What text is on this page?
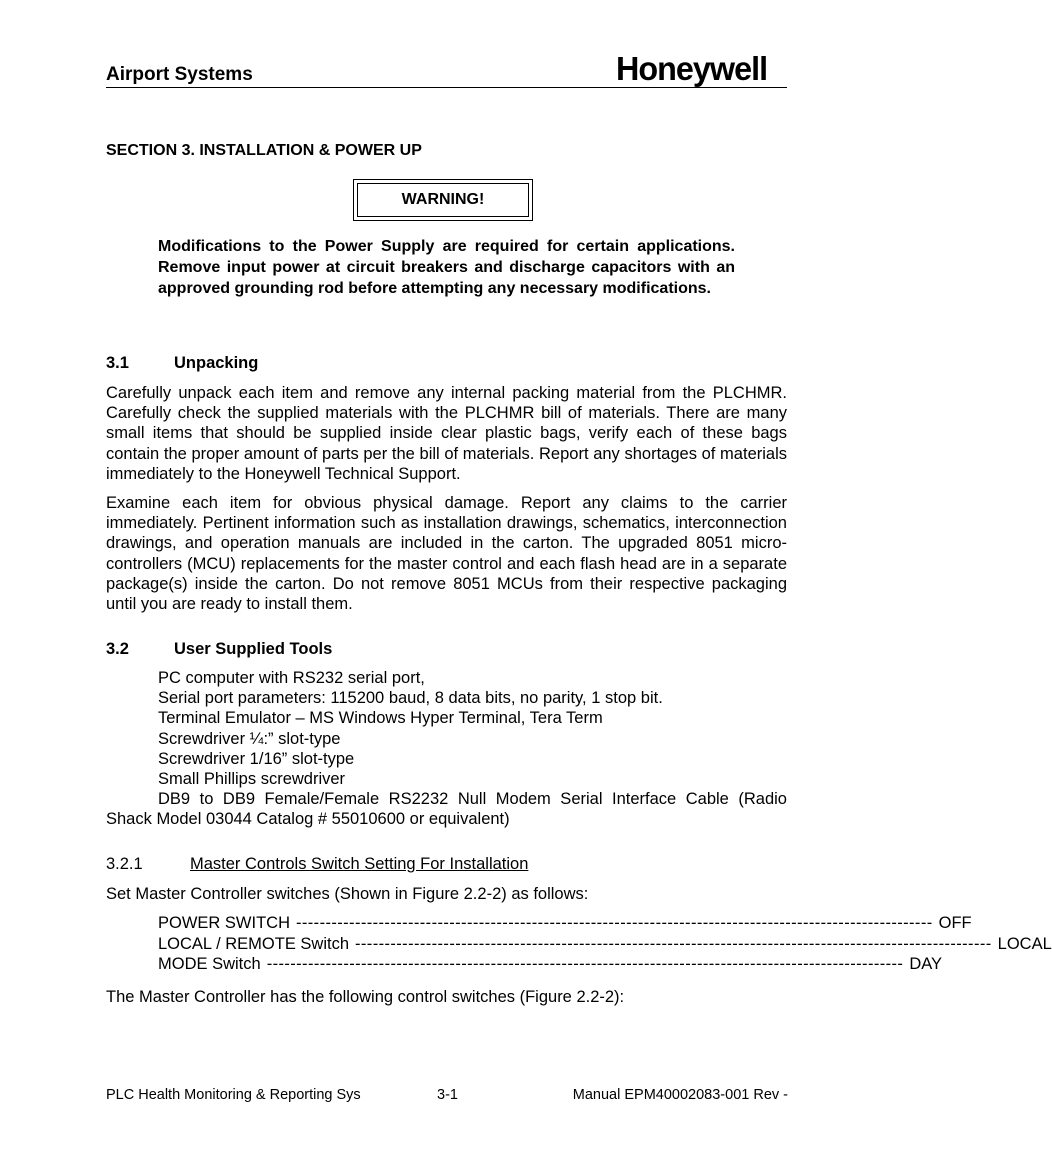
Airport Systems	Honeywell
SECTION 3. INSTALLATION & POWER UP
WARNING!
Modifications to the Power Supply are required for certain applications. Remove input power at circuit breakers and discharge capacitors with an approved grounding rod before attempting any necessary modifications.
3.1	Unpacking
Carefully unpack each item and remove any internal packing material from the PLCHMR. Carefully check the supplied materials with the PLCHMR bill of materials. There are many small items that should be supplied inside clear plastic bags, verify each of these bags contain the proper amount of parts per the bill of materials. Report any shortages of materials immediately to the Honeywell Technical Support.
Examine each item for obvious physical damage. Report any claims to the carrier immediately. Pertinent information such as installation drawings, schematics, interconnection drawings, and operation manuals are included in the carton. The upgraded 8051 micro-controllers (MCU) replacements for the master control and each flash head are in a separate package(s) inside the carton. Do not remove 8051 MCUs from their respective packaging until you are ready to install them.
3.2	User Supplied Tools
PC computer with RS232 serial port,
Serial port parameters: 115200 baud, 8 data bits, no parity, 1 stop bit.
Terminal Emulator – MS Windows Hyper Terminal, Tera Term
Screwdriver ¼:” slot-type
Screwdriver 1/16” slot-type
Small Phillips screwdriver
DB9 to DB9 Female/Female RS2232 Null Modem Serial Interface Cable (Radio
Shack Model 03044 Catalog # 55010600 or equivalent)
3.2.1	Master Controls Switch Setting For Installation
Set Master Controller switches (Shown in Figure 2.2-2) as follows:
POWER SWITCH ------------------------------------------------------------------------------------------------------------ OFF
LOCAL / REMOTE Switch ------------------------------------------------------------------------------------------------------------ LOCAL
MODE Switch ------------------------------------------------------------------------------------------------------------ DAY
The Master Controller has the following control switches (Figure 2.2-2):
PLC Health Monitoring & Reporting Sys	3-1	Manual EPM40002083-001 Rev -
